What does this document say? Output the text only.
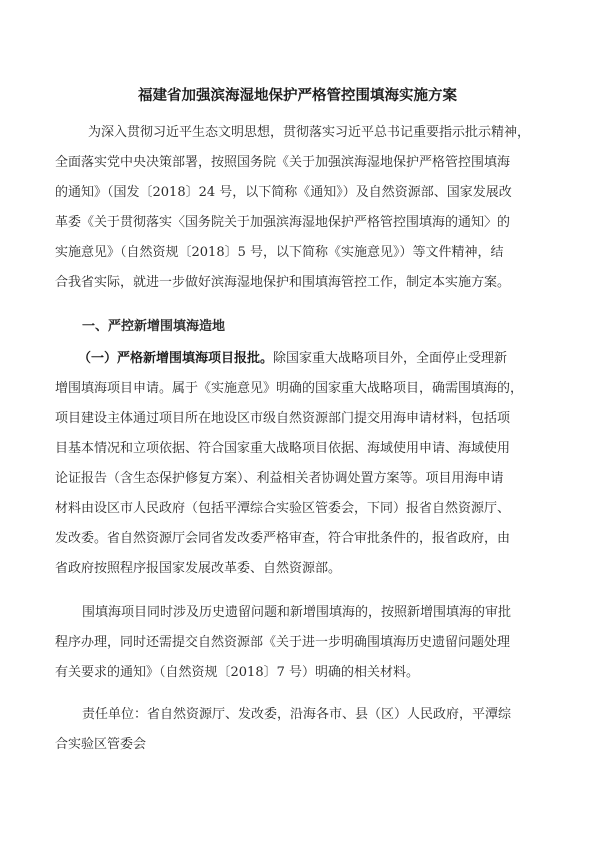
福建省加强滨海湿地保护严格管控围填海实施方案
为深入贯彻习近平生态文明思想，贯彻落实习近平总书记重要指示批示精神，
全面落实党中央决策部署，按照国务院《关于加强滨海湿地保护严格管控围填海
的通知》（国发〔2018〕24 号，以下简称《通知》）及自然资源部、国家发展改
革委《关于贯彻落实〈国务院关于加强滨海湿地保护严格管控围填海的通知〉的
实施意见》（自然资规〔2018〕5 号，以下简称《实施意见》）等文件精神，结
合我省实际，就进一步做好滨海湿地保护和围填海管控工作，制定本实施方案。
一、严控新增围填海造地
（一）严格新增围填海项目报批。除国家重大战略项目外，全面停止受理新
增围填海项目申请。属于《实施意见》明确的国家重大战略项目，确需围填海的，
项目建设主体通过项目所在地设区市级自然资源部门提交用海申请材料，包括项
目基本情况和立项依据、符合国家重大战略项目依据、海域使用申请、海域使用
论证报告（含生态保护修复方案）、利益相关者协调处置方案等。项目用海申请
材料由设区市人民政府（包括平潭综合实验区管委会，下同）报省自然资源厅、
发改委。省自然资源厅会同省发改委严格审查，符合审批条件的，报省政府，由
省政府按照程序报国家发展改革委、自然资源部。
围填海项目同时涉及历史遗留问题和新增围填海的，按照新增围填海的审批
程序办理，同时还需提交自然资源部《关于进一步明确围填海历史遗留问题处理
有关要求的通知》（自然资规〔2018〕7 号）明确的相关材料。
责任单位：省自然资源厅、发改委，沿海各市、县（区）人民政府，平潭综
合实验区管委会
